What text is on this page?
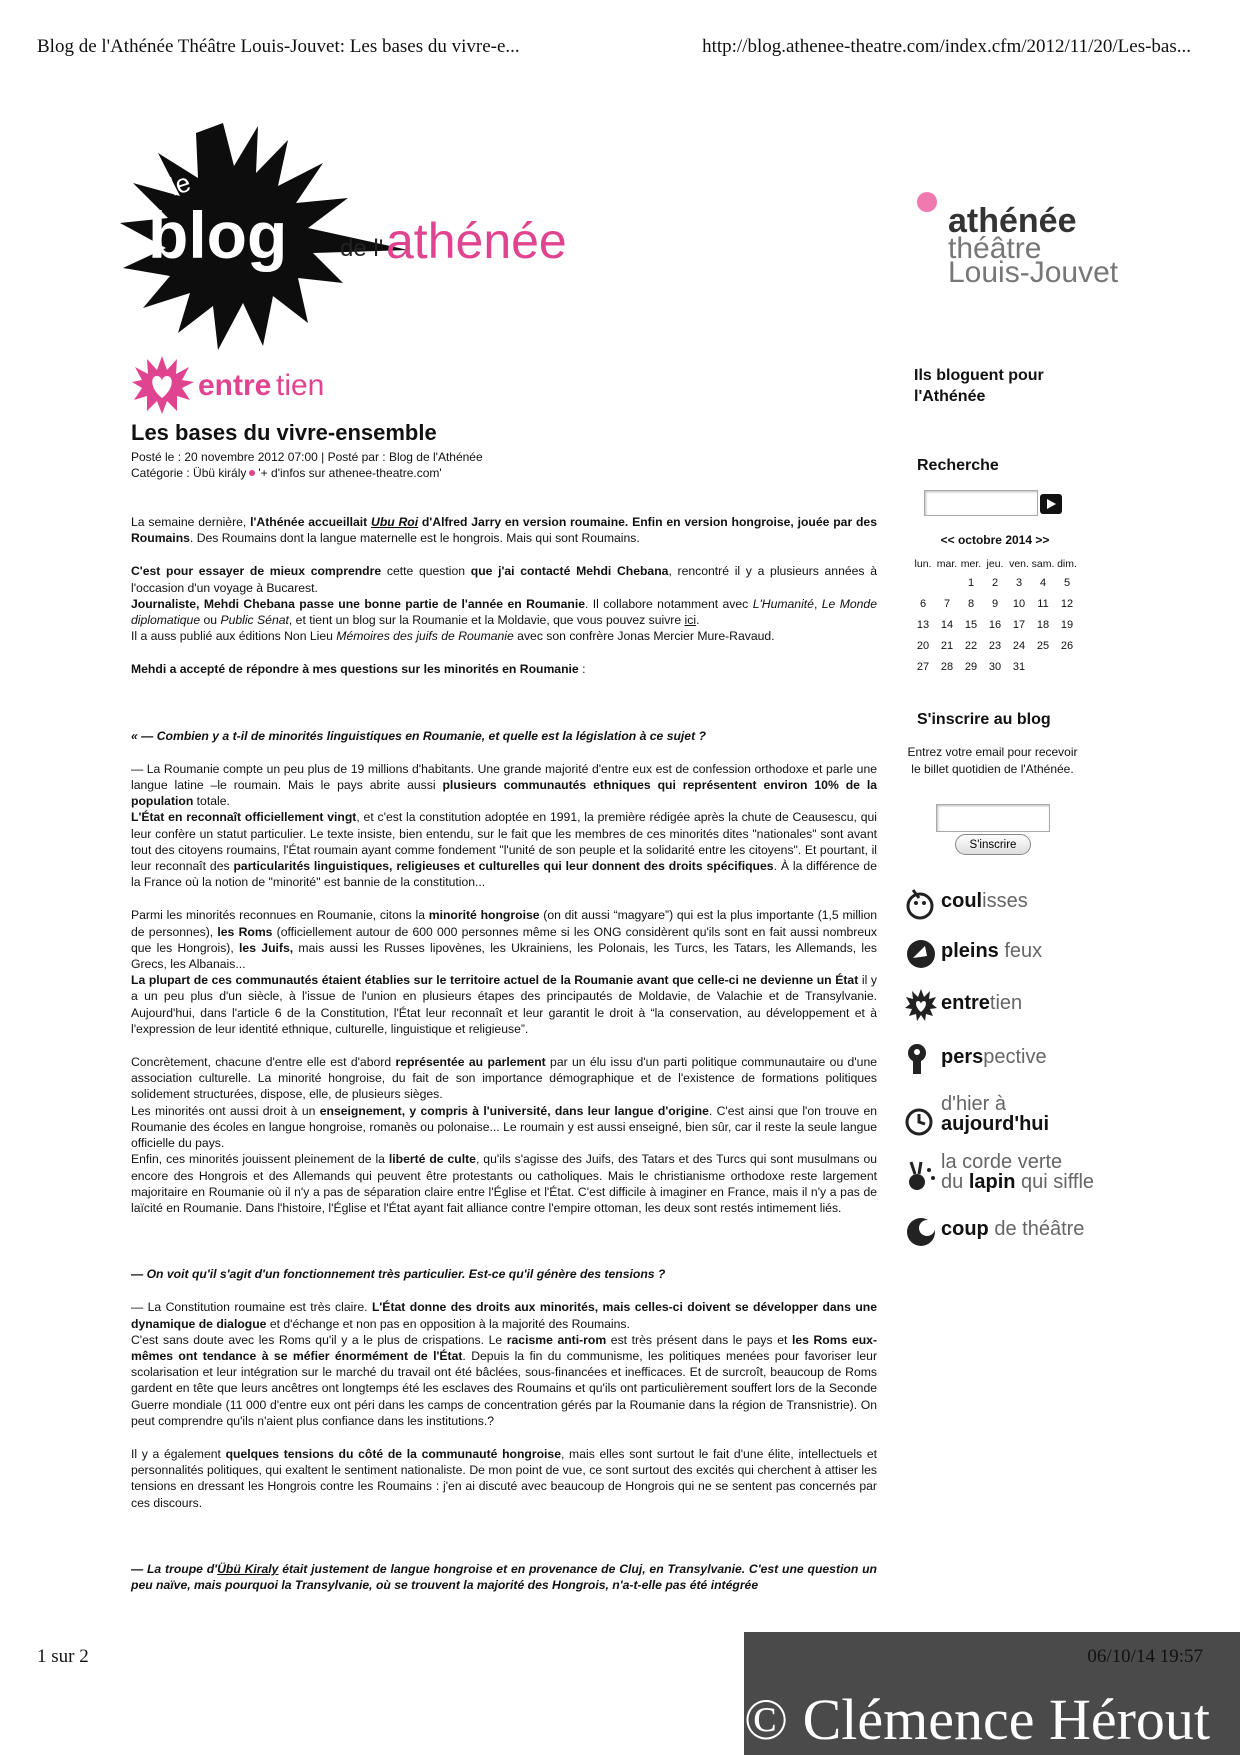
Blog de l'Athénée Théâtre Louis-Jouvet: Les bases du vivre-e...	http://blog.athenee-theatre.com/index.cfm/2012/11/20/Les-bas...
le
blog de l' athénée
entre tien
Les bases du vivre-ensemble
Posté le : 20 novembre 2012 07:00 | Posté par : Blog de l'Athénée
Catégorie : Übü király '+ d'infos sur athenee-theatre.com'

La semaine dernière, l'Athénée accueillait Ubu Roi d'Alfred Jarry en version roumaine. Enfin en version hongroise, jouée par des Roumains. Des Roumains dont la langue maternelle est le hongrois. Mais qui sont Roumains.

C'est pour essayer de mieux comprendre cette question que j'ai contacté Mehdi Chebana, rencontré il y a plusieurs années à l'occasion d'un voyage à Bucarest.

Journaliste, Mehdi Chebana passe une bonne partie de l'année en Roumanie. Il collabore notamment avec L'Humanité, Le Monde diplomatique ou Public Sénat, et tient un blog sur la Roumanie et la Moldavie, que vous pouvez suivre ici.

Il a auss publié aux éditions Non Lieu Mémoires des juifs de Roumanie avec son confrère Jonas Mercier Mure-Ravaud.

Mehdi a accepté de répondre à mes questions sur les minorités en Roumanie :

« — Combien y a t-il de minorités linguistiques en Roumanie, et quelle est la législation à ce sujet ?

— La Roumanie compte un peu plus de 19 millions d'habitants. Une grande majorité d'entre eux est de confession orthodoxe et parle une langue latine –le roumain. Mais le pays abrite aussi plusieurs communautés ethniques qui représentent environ 10% de la population totale.

L'État en reconnaît officiellement vingt, et c'est la constitution adoptée en 1991, la première rédigée après la chute de Ceausescu, qui leur confère un statut particulier. Le texte insiste, bien entendu, sur le fait que les membres de ces minorités dites "nationales" sont avant tout des citoyens roumains, l'État roumain ayant comme fondement "l'unité de son peuple et la solidarité entre les citoyens". Et pourtant, il leur reconnaît des particularités linguistiques, religieuses et culturelles qui leur donnent des droits spécifiques. À la différence de la France où la notion de "minorité" est bannie de la constitution...

Parmi les minorités reconnues en Roumanie, citons la minorité hongroise (on dit aussi “magyare”) qui est la plus importante (1,5 million de personnes), les Roms (officiellement autour de 600 000 personnes même si les ONG considèrent qu'ils sont en fait aussi nombreux que les Hongrois), les Juifs, mais aussi les Russes lipovènes, les Ukrainiens, les Polonais, les Turcs, les Tatars, les Allemands, les Grecs, les Albanais...

La plupart de ces communautés étaient établies sur le territoire actuel de la Roumanie avant que celle-ci ne devienne un État il y a un peu plus d'un siècle, à l'issue de l'union en plusieurs étapes des principautés de Moldavie, de Valachie et de Transylvanie. Aujourd'hui, dans l'article 6 de la Constitution, l'État leur reconnaît et leur garantit le droit à “la conservation, au développement et à l'expression de leur identité ethnique, culturelle, linguistique et religieuse”.

Concrètement, chacune d'entre elle est d'abord représentée au parlement par un élu issu d'un parti politique communautaire ou d'une association culturelle. La minorité hongroise, du fait de son importance démographique et de l'existence de formations politiques solidement structurées, dispose, elle, de plusieurs sièges.

Les minorités ont aussi droit à un enseignement, y compris à l'université, dans leur langue d'origine. C'est ainsi que l'on trouve en Roumanie des écoles en langue hongroise, romanès ou polonaise... Le roumain y est aussi enseigné, bien sûr, car il reste la seule langue officielle du pays.

Enfin, ces minorités jouissent pleinement de la liberté de culte, qu'ils s'agisse des Juifs, des Tatars et des Turcs qui sont musulmans ou encore des Hongrois et des Allemands qui peuvent être protestants ou catholiques. Mais le christianisme orthodoxe reste largement majoritaire en Roumanie où il n'y a pas de séparation claire entre l'Église et l'État. C'est difficile à imaginer en France, mais il n'y a pas de laïcité en Roumanie. Dans l'histoire, l'Église et l'État ayant fait alliance contre l'empire ottoman, les deux sont restés intimement liés.

— On voit qu'il s'agit d'un fonctionnement très particulier. Est-ce qu'il génère des tensions ?

— La Constitution roumaine est très claire. L'État donne des droits aux minorités, mais celles-ci doivent se développer dans une dynamique de dialogue et d'échange et non pas en opposition à la majorité des Roumains.

C'est sans doute avec les Roms qu'il y a le plus de crispations. Le racisme anti-rom est très présent dans le pays et les Roms eux-mêmes ont tendance à se méfier énormément de l'État. Depuis la fin du communisme, les politiques menées pour favoriser leur scolarisation et leur intégration sur le marché du travail ont été bâclées, sous-financées et inefficaces. Et de surcroît, beaucoup de Roms gardent en tête que leurs ancêtres ont longtemps été les esclaves des Roumains et qu'ils ont particulièrement souffert lors de la Seconde Guerre mondiale (11 000 d'entre eux ont péri dans les camps de concentration gérés par la Roumanie dans la région de Transnistrie). On peut comprendre qu'ils n'aient plus confiance dans les institutions.?

Il y a également quelques tensions du côté de la communauté hongroise, mais elles sont surtout le fait d'une élite, intellectuels et personnalités politiques, qui exaltent le sentiment nationaliste. De mon point de vue, ce sont surtout des excités qui cherchent à attiser les tensions en dressant les Hongrois contre les Roumains : j'en ai discuté avec beaucoup de Hongrois qui ne se sentent pas concernés par ces discours.

— La troupe d'Übü Kiraly était justement de langue hongroise et en provenance de Cluj, en Transylvanie. C'est une question un peu naïve, mais pourquoi la Transylvanie, où se trouvent la majorité des Hongrois, n'a-t-elle pas été intégrée

athénée
théâtre
Louis-Jouvet
Ils bloguent pour l'Athénée
Recherche
<< octobre 2014 >>
lun.	mar.	mer.	jeu.	ven.	sam.	dim.
		1	2	3	4	5
6	7	8	9	10	11	12
13	14	15	16	17	18	19
20	21	22	23	24	25	26
27	28	29	30	31		
S'inscrire au blog
Entrez votre email pour recevoir le billet quotidien de l'Athénée.
S'inscrire
coulisses
pleins feux
entretien
perspective
d'hier à
aujourd'hui
la corde verte
du lapin qui siffle
coup de théâtre
1 sur 2	06/10/14 19:57
© Clémence Hérout
